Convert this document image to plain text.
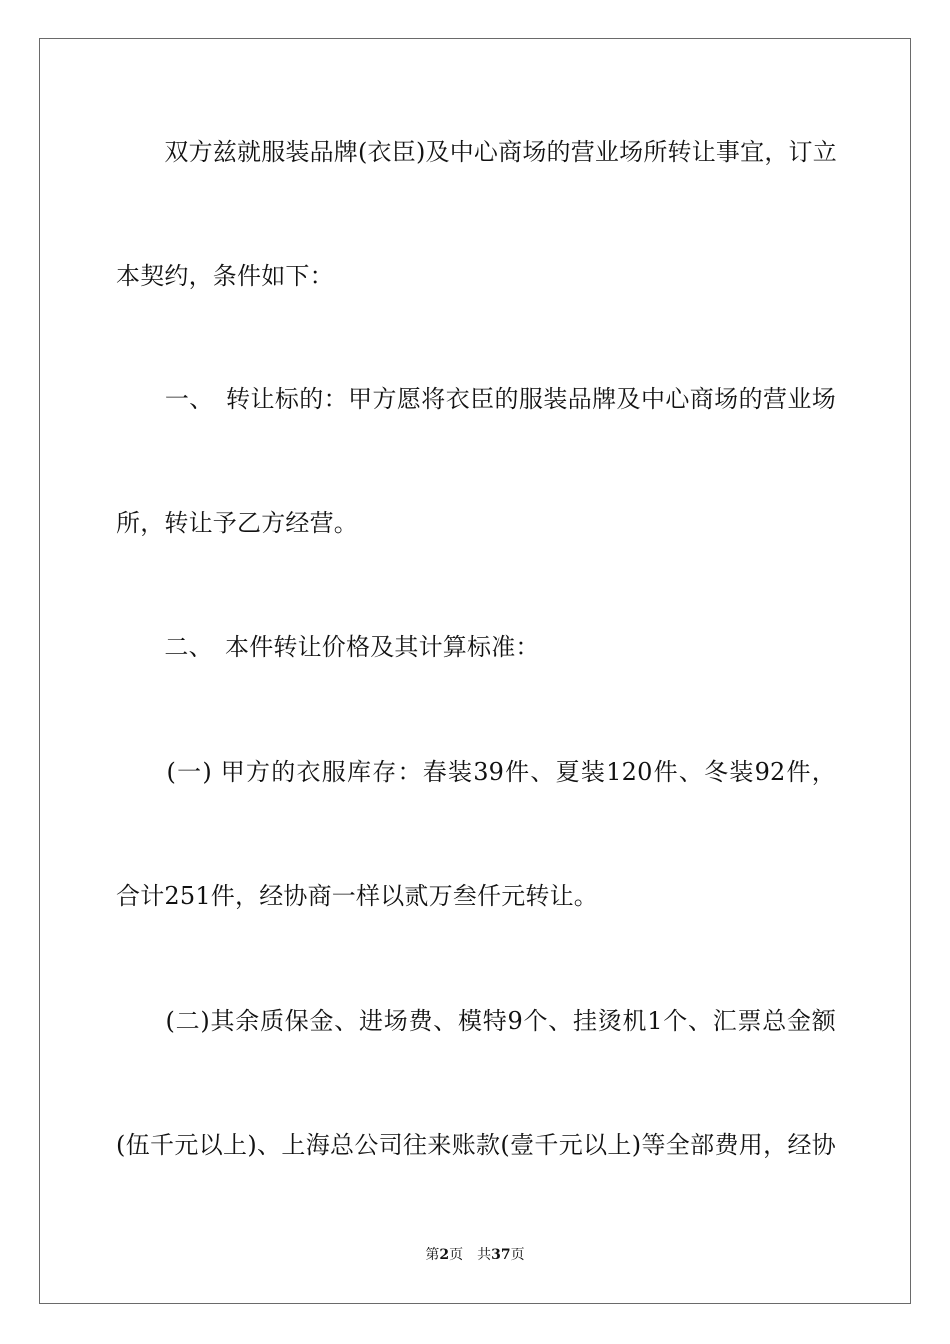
　　双方兹就服装品牌(衣臣)及中心商场的营业场所转让事宜，订立
本契约，条件如下：
　　一、　转让标的：甲方愿将衣臣的服装品牌及中心商场的营业场
所，转让予乙方经营。
　　二、　本件转让价格及其计算标准：
　　(一) 甲方的衣服库存：春装39件、夏装120件、冬装92件，
合计251件，经协商一样以贰万叁仟元转让。
　　(二)其余质保金、进场费、模特9个、挂烫机1个、汇票总金额
(伍千元以上)、上海总公司往来账款(壹千元以上)等全部费用，经协
第2页 共37页
